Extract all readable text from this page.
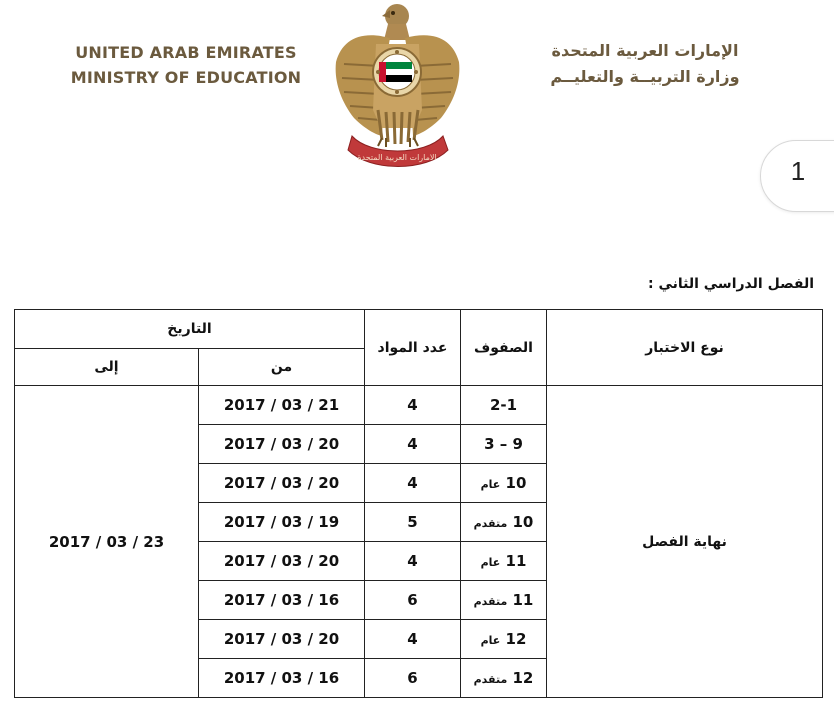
UNITED ARAB EMIRATES
MINISTRY OF EDUCATION
الإمارات العربية المتحدة
وزارة التربيــة والتعليــم
الامارات العربية المتحدة	1
الفصل الدراسي الثاني :
التاريخ		عدد المواد	الصفوف	نوع الاختبار
إلى	من			
2017 / 03 / 23	2017 / 03 / 21	4	2-1	نهاية الفصل
	2017 / 03 / 20	4	9 – 3	
	2017 / 03 / 20	4	10 عام	
	2017 / 03 / 19	5	10 متقدم	
	2017 / 03 / 20	4	11 عام	
	2017 / 03 / 16	6	11 متقدم	
	2017 / 03 / 20	4	12 عام	
	2017 / 03 / 16	6	12 متقدم	
